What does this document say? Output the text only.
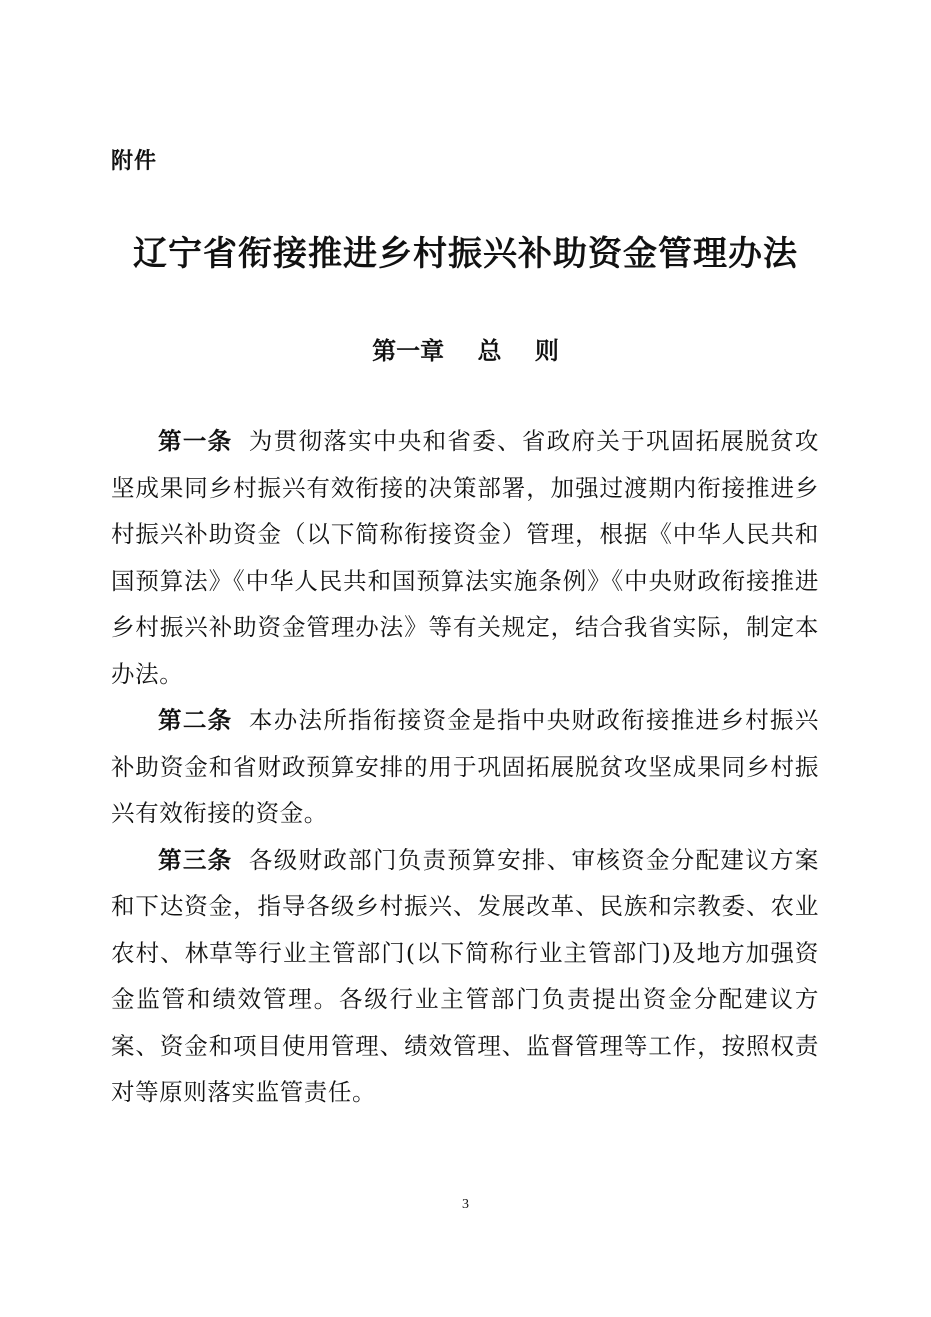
附件
辽宁省衔接推进乡村振兴补助资金管理办法
第一章    总    则

第一条 为贯彻落实中央和省委、省政府关于巩固拓展脱贫攻坚成果同乡村振兴有效衔接的决策部署，加强过渡期内衔接推进乡村振兴补助资金（以下简称衔接资金）管理，根据《中华人民共和国预算法》《中华人民共和国预算法实施条例》《中央财政衔接推进乡村振兴补助资金管理办法》等有关规定，结合我省实际，制定本办法。

第二条 本办法所指衔接资金是指中央财政衔接推进乡村振兴补助资金和省财政预算安排的用于巩固拓展脱贫攻坚成果同乡村振兴有效衔接的资金。

第三条 各级财政部门负责预算安排、审核资金分配建议方案和下达资金，指导各级乡村振兴、发展改革、民族和宗教委、农业农村、林草等行业主管部门(以下简称行业主管部门)及地方加强资金监管和绩效管理。各级行业主管部门负责提出资金分配建议方案、资金和项目使用管理、绩效管理、监督管理等工作，按照权责对等原则落实监管责任。

3
